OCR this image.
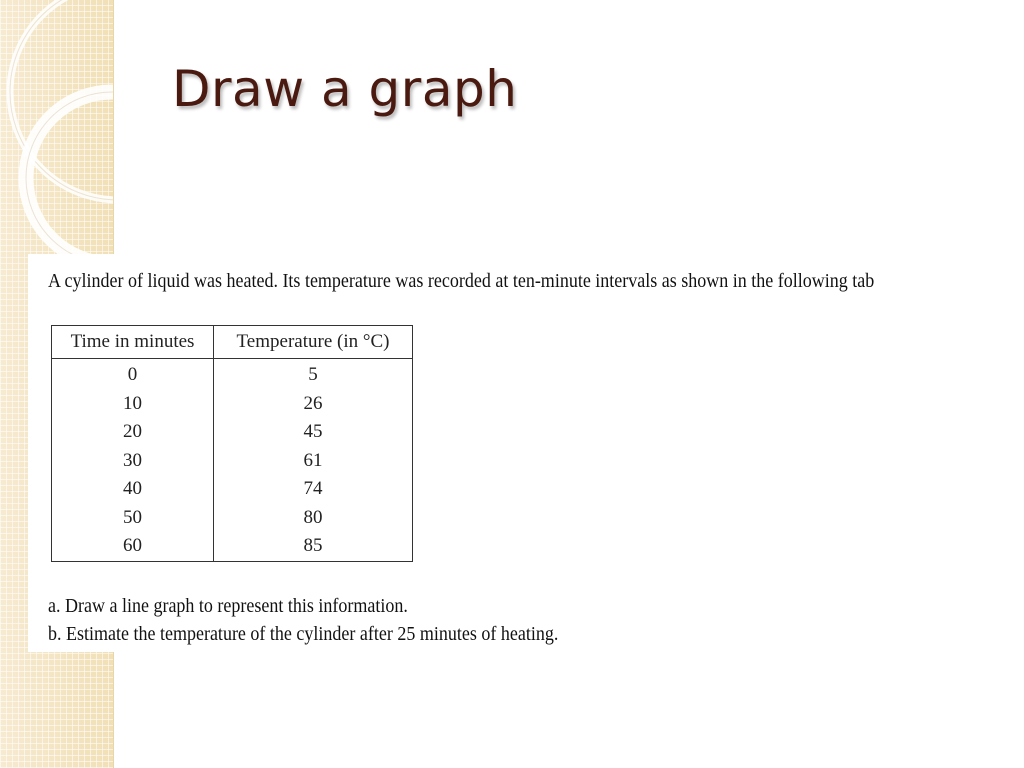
Draw a graph

A cylinder of liquid was heated. Its temperature was recorded at ten-minute intervals as shown in the following tab

Time in minutes	Temperature (in °C)
0	5
10	26
20	45
30	61
40	74
50	80
60	85
a. Draw a line graph to represent this information.
b. Estimate the temperature of the cylinder after 25 minutes of heating.
